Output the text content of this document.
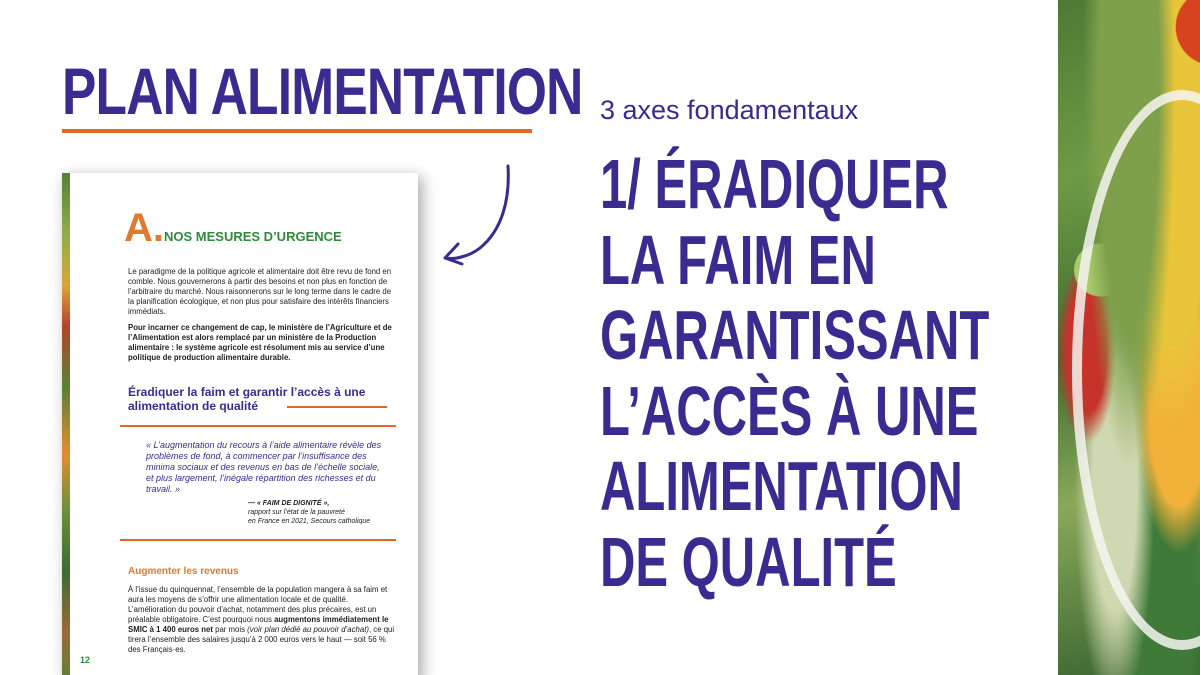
PLAN ALIMENTATION
A.NOS MESURES D’URGENCE

Le paradigme de la politique agricole et alimentaire doit être revu de fond en comble. Nous gouvernerons à partir des besoins et non plus en fonction de l’arbitraire du marché. Nous raisonnerons sur le long terme dans le cadre de la planification écologique, et non plus pour satisfaire des intérêts financiers immédiats.

Pour incarner ce changement de cap, le ministère de l’Agriculture et de l’Alimentation est alors remplacé par un ministère de la Production alimentaire : le système agricole est résolument mis au service d’une politique de production alimentaire durable.

Éradiquer la faim et garantir l’accès à une alimentation de qualité

« L’augmentation du recours à l’aide alimentaire révèle des problèmes de fond, à commencer par l’insuffisance des minima sociaux et des revenus en bas de l’échelle sociale, et plus largement, l’inégale répartition des richesses et du travail. »

— « FAIM DE DIGNITÉ »,
rapport sur l’état de la pauvreté
en France en 2021, Secours catholique
Augmenter les revenus

À l’issue du quinquennat, l’ensemble de la population mangera à sa faim et aura les moyens de s’offrir une alimentation locale et de qualité. L’amélioration du pouvoir d’achat, notamment des plus précaires, est un préalable obligatoire. C’est pourquoi nous augmentons immédiatement le SMIC à 1 400 euros net par mois (voir plan dédié au pouvoir d’achat), ce qui tirera l’ensemble des salaires jusqu’à 2 000 euros vers le haut — soit 56 % des Français·es.

12
3 axes fondamentaux
1/ ÉRADIQUER
LA FAIM EN
GARANTISSANT
L’ACCÈS À UNE
ALIMENTATION
DE QUALITÉ
